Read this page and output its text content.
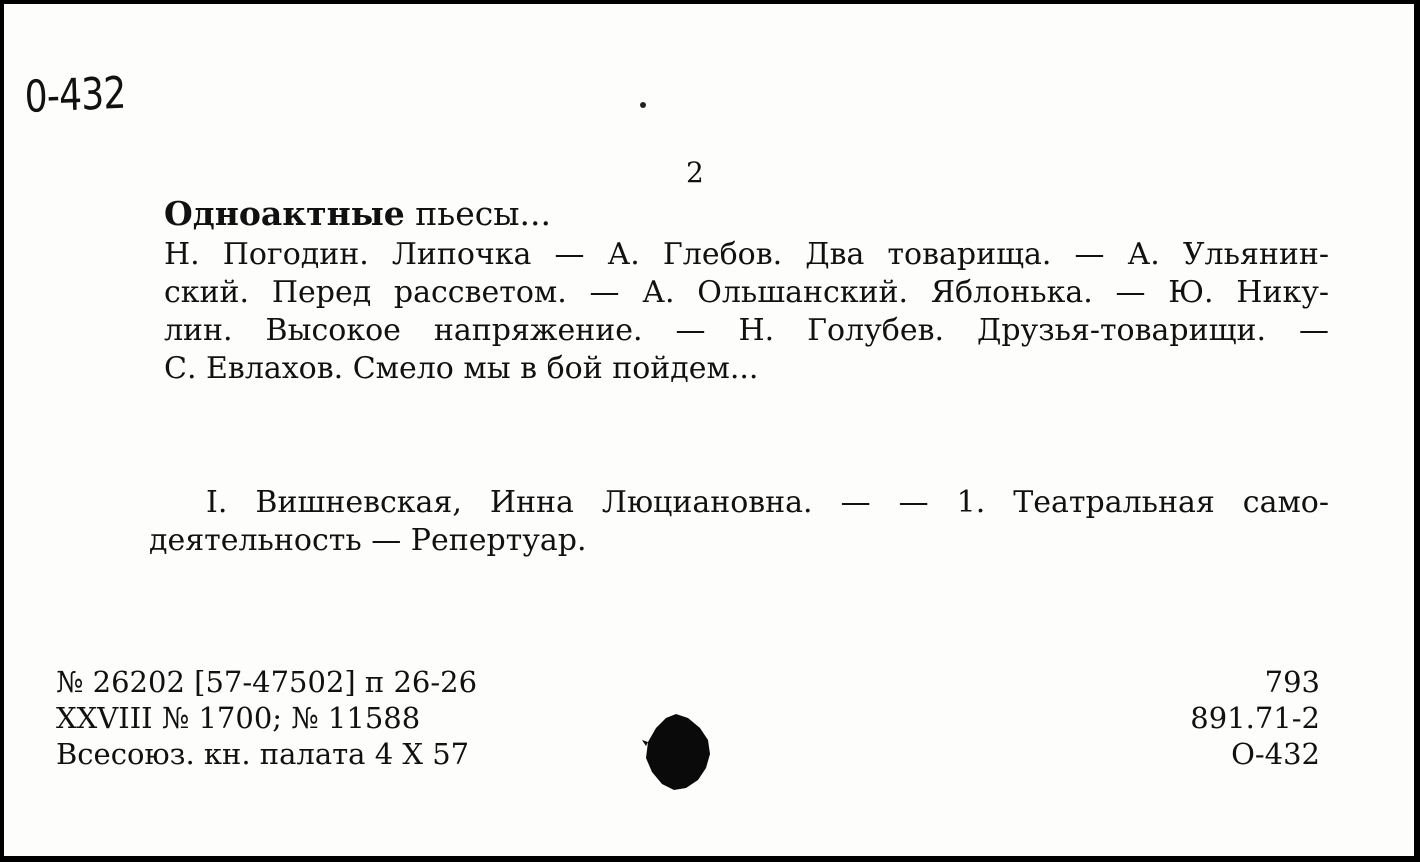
0-432
2
Одноактные пьесы...
Н. Погодин. Липочка — А. Глебов. Два товарища. — А. Ульянин-
ский. Перед рассветом. — А. Ольшанский. Яблонька. — Ю. Нику-
лин. Высокое напряжение. — Н. Голубев. Друзья-товарищи. —
С. Евлахов. Смело мы в бой пойдем...
I. Вишневская, Инна Люциановна. — — 1. Театральная само-
деятельность — Репертуар.
№ 26202 [57-47502] п 26-26
XXVIII № 1700; № 11588
Всесоюз. кн. палата 4 X 57
793
891.71-2
О-432
